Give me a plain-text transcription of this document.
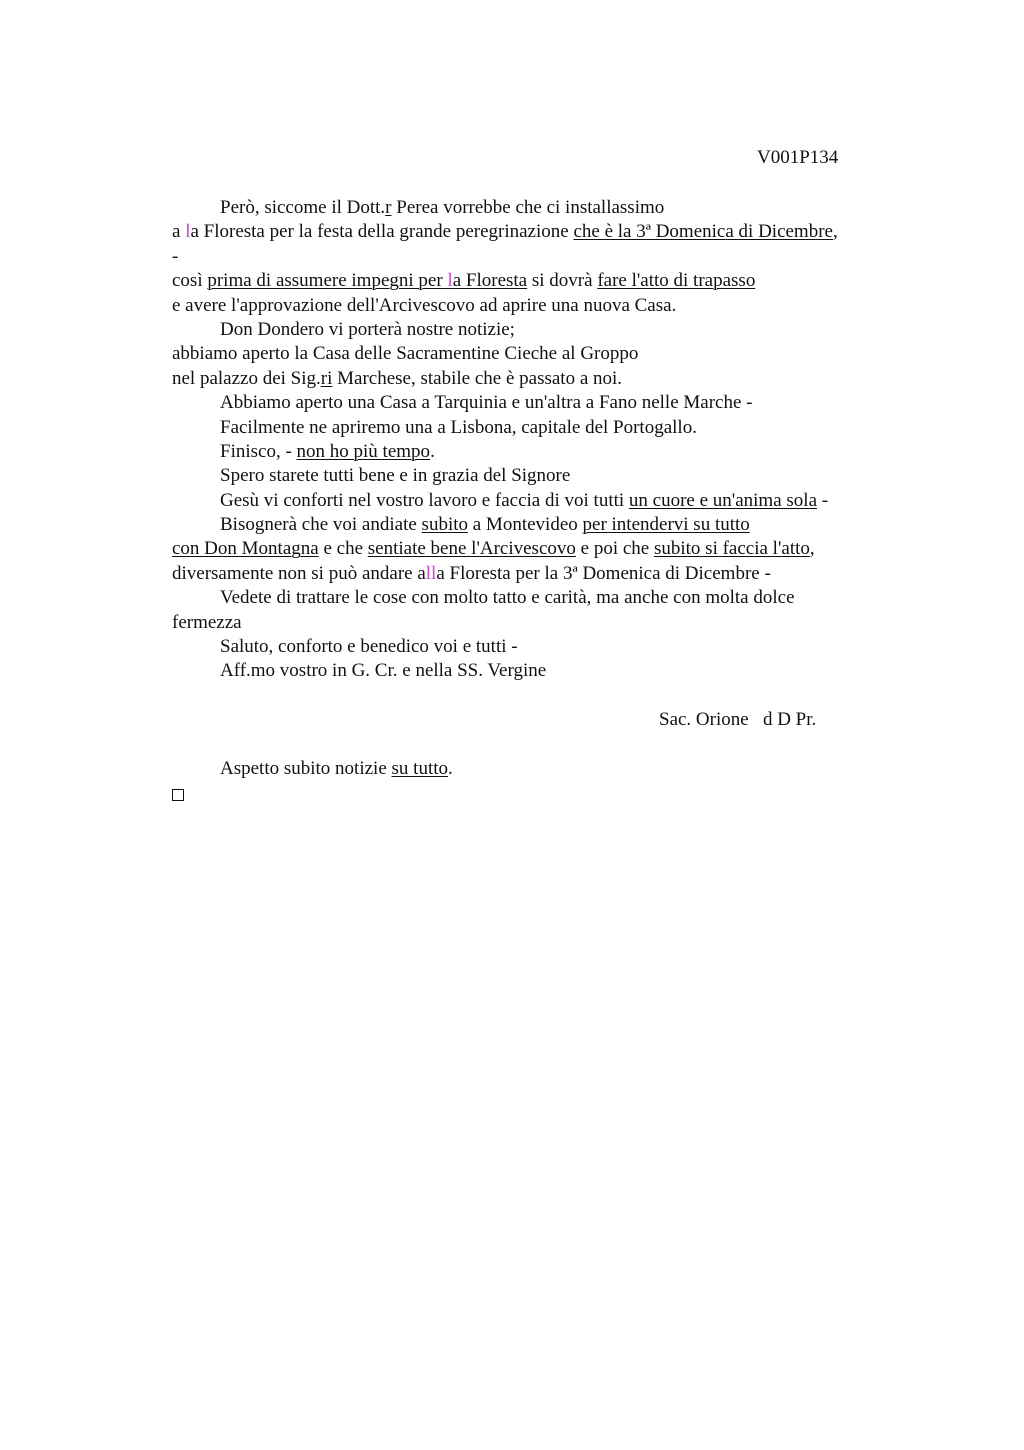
V001P134
Però, siccome il Dott.r Perea vorrebbe che ci installassimo
a la Floresta per la festa della grande peregrinazione che è la 3ª Domenica di Dicembre,
-
così prima di assumere impegni per la Floresta si dovrà fare l'atto di trapasso
e avere l'approvazione dell'Arcivescovo ad aprire una nuova Casa.
Don Dondero vi porterà nostre notizie;
abbiamo aperto la Casa delle Sacramentine Cieche al Groppo
nel palazzo dei Sig.ri Marchese, stabile che è passato a noi.
Abbiamo aperto una Casa a Tarquinia e un'altra a Fano nelle Marche -
Facilmente ne apriremo una a Lisbona, capitale del Portogallo.
Finisco, - non ho più tempo.
Spero starete tutti bene e in grazia del Signore
Gesù vi conforti nel vostro lavoro e faccia di voi tutti un cuore e un'anima sola -
Bisognerà che voi andiate subito a Montevideo per intendervi su tutto
con Don Montagna e che sentiate bene l'Arcivescovo e poi che subito si faccia l'atto,
diversamente non si può andare alla Floresta per la 3ª Domenica di Dicembre -
Vedete di trattare le cose con molto tatto e carità, ma anche con molta dolce
fermezza
Saluto, conforto e benedico voi e tutti -
Aff.mo vostro in G. Cr. e nella SS. Vergine
Sac. Orione   d D Pr.
Aspetto subito notizie su tutto.
